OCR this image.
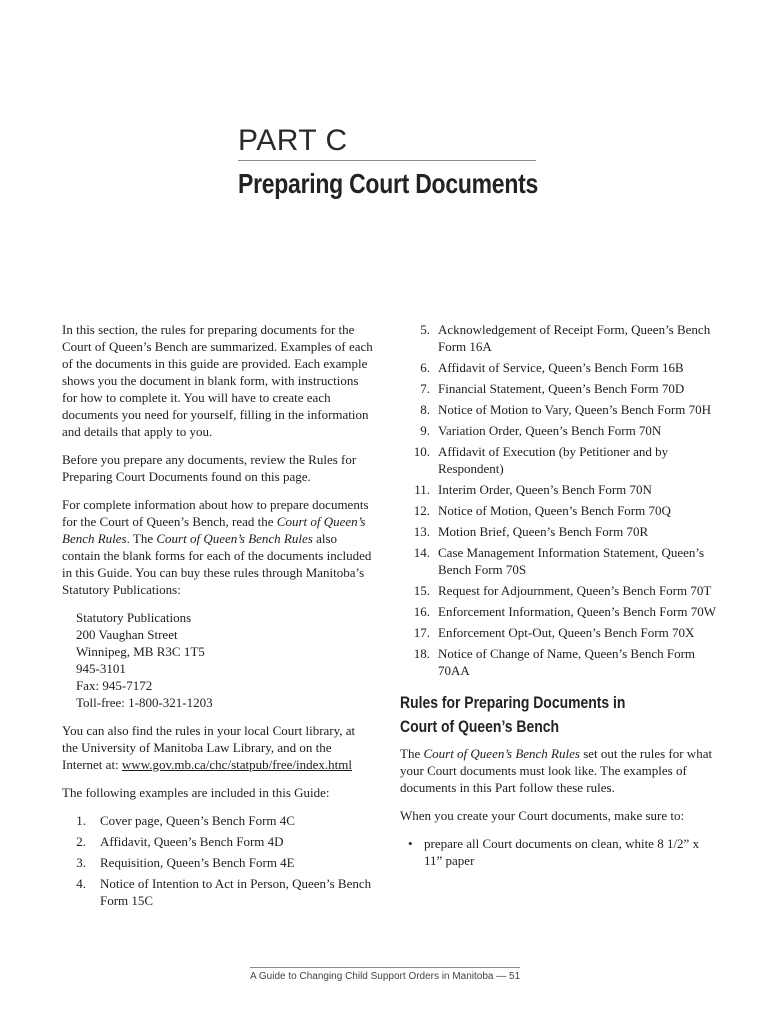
PART C
Preparing Court Documents

In this section, the rules for preparing documents for the Court of Queen’s Bench are summarized. Examples of each of the documents in this guide are provided. Each example shows you the document in blank form, with instructions for how to complete it. You will have to create each documents you need for yourself, filling in the information and details that apply to you.

Before you prepare any documents, review the Rules for Preparing Court Documents found on this page.

For complete information about how to prepare documents for the Court of Queen’s Bench, read the Court of Queen’s Bench Rules. The Court of Queen’s Bench Rules also contain the blank forms for each of the documents included in this Guide. You can buy these rules through Manitoba’s Statutory Publications:

Statutory Publications
200 Vaughan Street
Winnipeg, MB R3C 1T5
945-3101
Fax: 945-7172
Toll-free: 1-800-321-1203

You can also find the rules in your local Court library, at the University of Manitoba Law Library, and on the Internet at: www.gov.mb.ca/chc/statpub/free/index.html

The following examples are included in this Guide:

1. Cover page, Queen’s Bench Form 4C
2. Affidavit, Queen’s Bench Form 4D
3. Requisition, Queen’s Bench Form 4E
4. Notice of Intention to Act in Person, Queen’s Bench Form 15C
5. Acknowledgement of Receipt Form, Queen’s Bench Form 16A
6. Affidavit of Service, Queen’s Bench Form 16B
7. Financial Statement, Queen’s Bench Form 70D
8. Notice of Motion to Vary, Queen’s Bench Form 70H
9. Variation Order, Queen’s Bench Form 70N
10. Affidavit of Execution (by Petitioner and by Respondent)
11. Interim Order, Queen’s Bench Form 70N
12. Notice of Motion, Queen’s Bench Form 70Q
13. Motion Brief, Queen’s Bench Form 70R
14. Case Management Information Statement, Queen’s Bench Form 70S
15. Request for Adjournment, Queen’s Bench Form 70T
16. Enforcement Information, Queen’s Bench Form 70W
17. Enforcement Opt-Out, Queen’s Bench Form 70X
18. Notice of Change of Name, Queen’s Bench Form 70AA
Rules for Preparing Documents in
Court of Queen’s Bench

The Court of Queen’s Bench Rules set out the rules for what your Court documents must look like. The examples of documents in this Part follow these rules.

When you create your Court documents, make sure to:

• prepare all Court documents on clean, white 8 1/2” x 11” paper
A Guide to Changing Child Support Orders in Manitoba — 51
